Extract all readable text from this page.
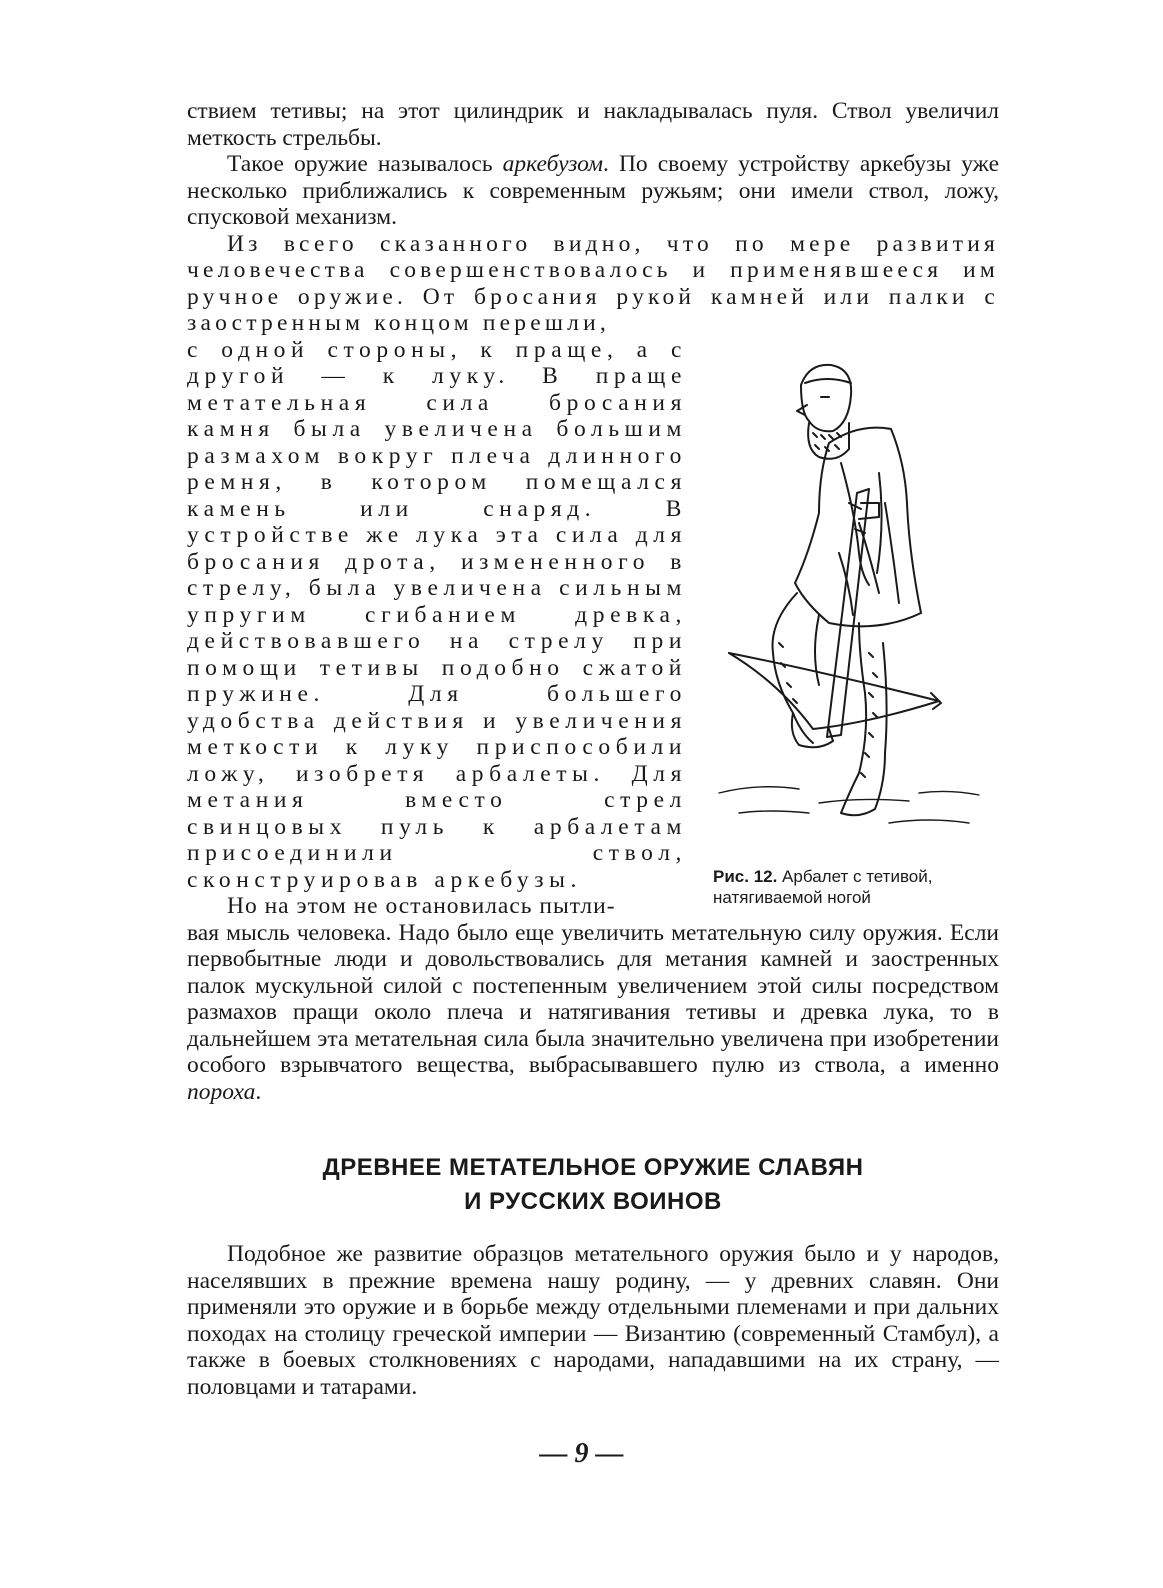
ствием тетивы; на этот цилиндрик и накладывалась пуля. Ствол увеличил меткость стрельбы.

Такое оружие называлось аркебузом. По своему устройству аркебузы уже несколько приближались к современным ружьям; они имели ствол, ложу, спусковой механизм.

Из всего сказанного видно, что по мере развития человечества совершенствовалось и применявшееся им ручное оружие. От бросания рукой камней или палки с заостренным концом перешли,

с одной стороны, к праще, а с другой — к луку. В праще метательная сила бросания камня была увеличена большим размахом вокруг плеча длинного ремня, в котором помещался камень или снаряд. В устройстве же лука эта сила для бросания дрота, измененного в стрелу, была увеличена сильным упругим сгибанием древка, действовавшего на стрелу при помощи тетивы подобно сжатой пружине. Для большего удобства действия и увеличения меткости к луку приспособили ложу, изобретя арбалеты. Для метания вместо стрел свинцовых пуль к арбалетам присоединили ствол, сконструировав аркебузы.

Но на этом не остановилась пытли-

Рис. 12. Арбалет с тетивой, натягиваемой ногой

вая мысль человека. Надо было еще увеличить метательную силу оружия. Если первобытные люди и довольствовались для метания камней и заостренных палок мускульной силой с постепенным увеличением этой силы посредством размахов пращи около плеча и натягивания тетивы и древка лука, то в дальнейшем эта метательная сила была значительно увеличена при изобретении особого взрывчатого вещества, выбрасывавшего пулю из ствола, а именно пороха.

ДРЕВНЕЕ МЕТАТЕЛЬНОЕ ОРУЖИЕ СЛАВЯН
И РУССКИХ ВОИНОВ

Подобное же развитие образцов метательного оружия было и у народов, населявших в прежние времена нашу родину, — у древних славян. Они применяли это оружие и в борьбе между отдельными племенами и при дальних походах на столицу греческой империи — Византию (современный Стамбул), а также в боевых столкновениях с народами, нападавшими на их страну, — половцами и татарами.

— 9 —
